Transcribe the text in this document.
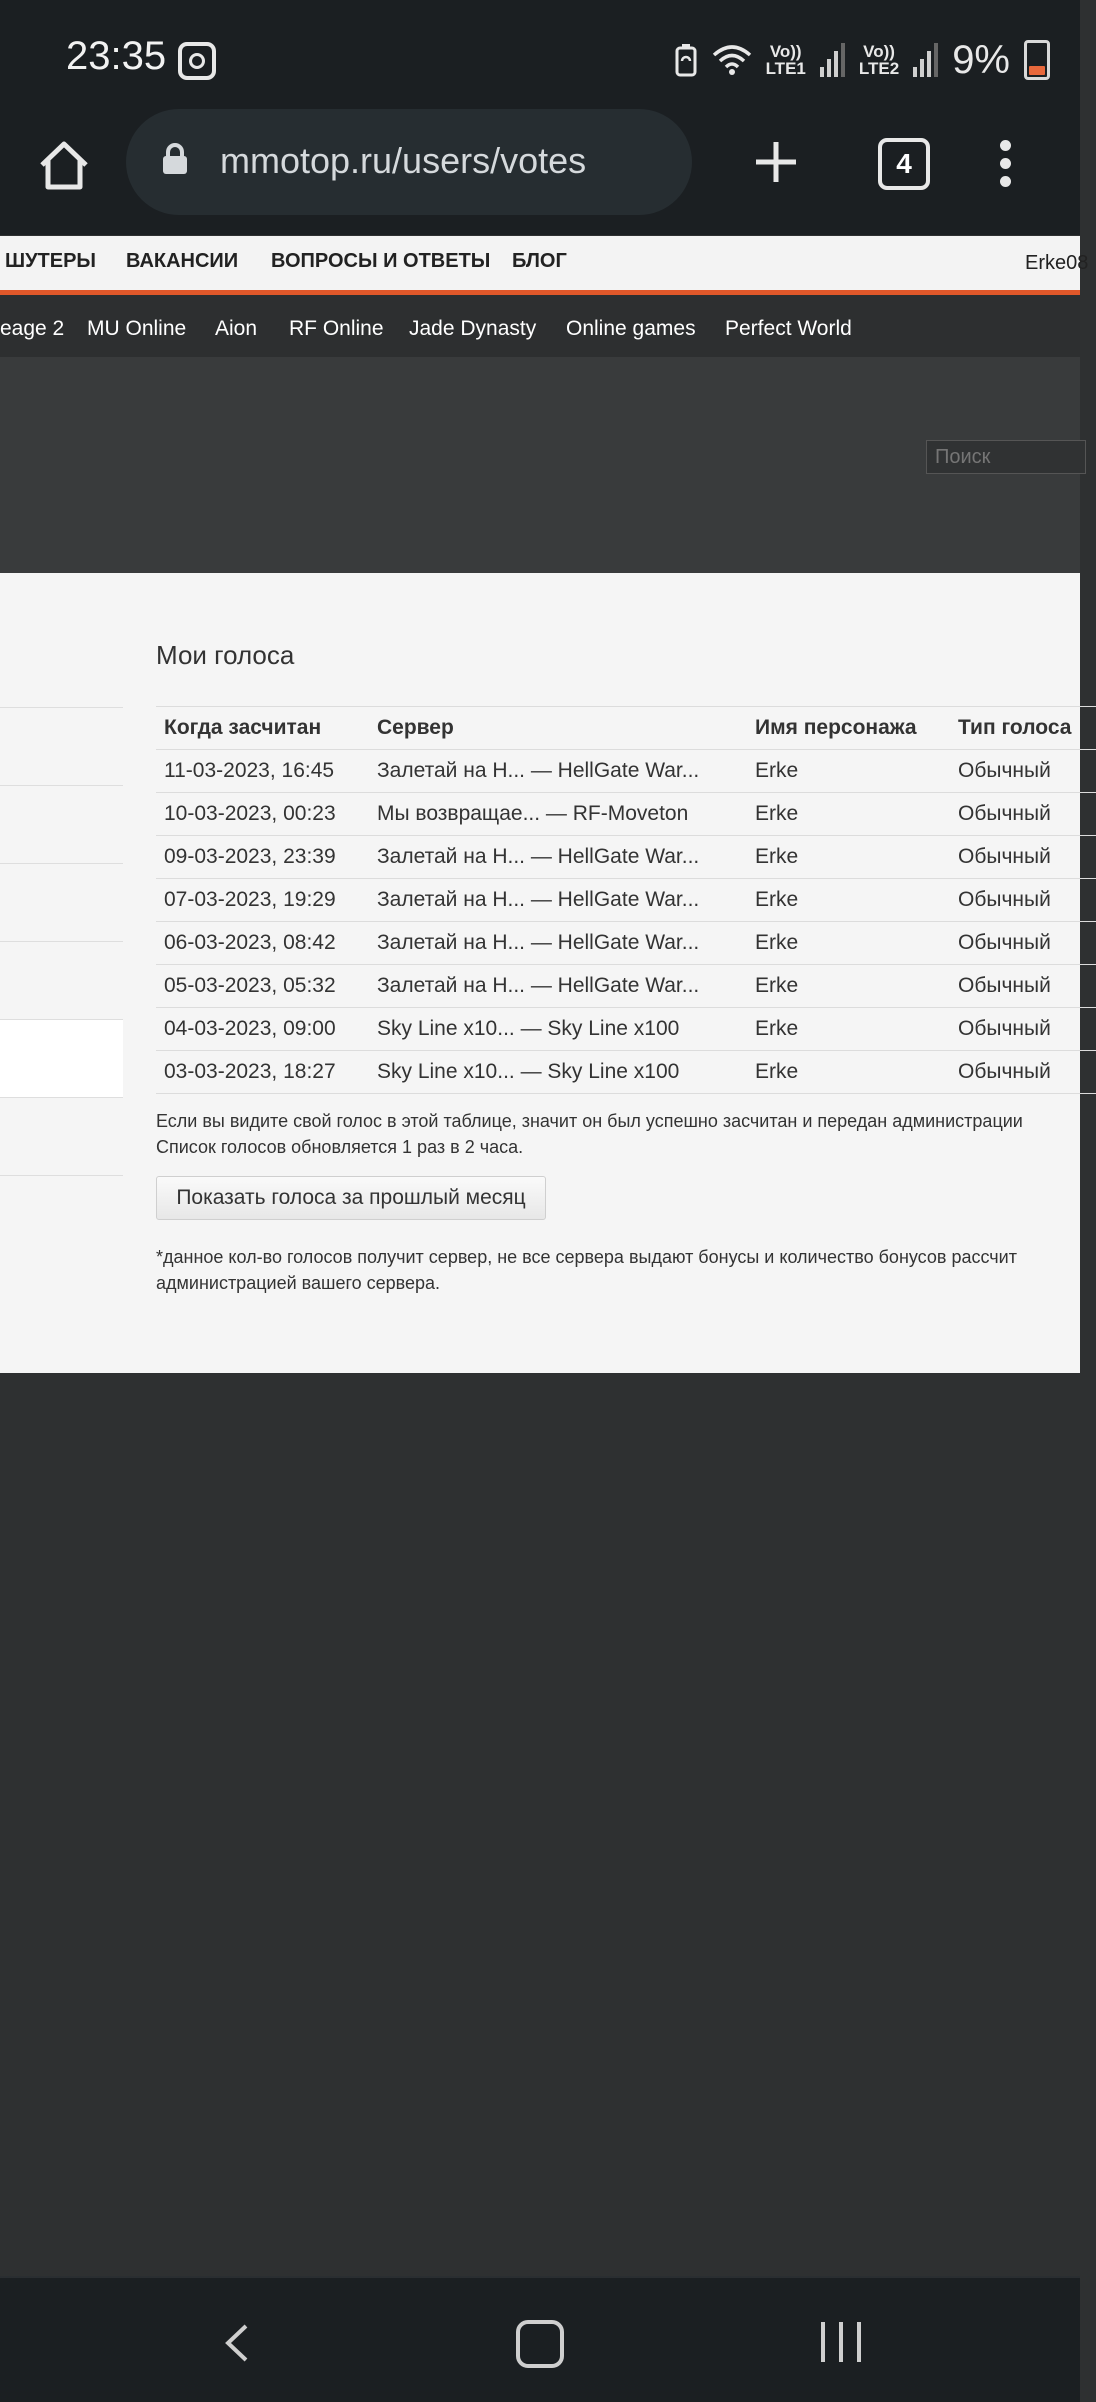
23:35	Vo))
LTE1
Vo))
LTE2 9%
mmotop.ru/users/votes	4
ШУТЕРЫ ВАКАНСИИ ВОПРОСЫ И ОТВЕТЫ БЛОГ	Erke08
eage 2 MU Online Aion RF Online Jade Dynasty Online games Perfect World
Поиск
Мои голоса
Когда засчитан	Сервер	Имя персонажа	Тип голоса
11-03-2023, 16:45	Залетай на Н... — HellGate War...	Erke	Обычный
10-03-2023, 00:23	Мы возвращае... — RF-Moveton	Erke	Обычный
09-03-2023, 23:39	Залетай на Н... — HellGate War...	Erke	Обычный
07-03-2023, 19:29	Залетай на Н... — HellGate War...	Erke	Обычный
06-03-2023, 08:42	Залетай на Н... — HellGate War...	Erke	Обычный
05-03-2023, 05:32	Залетай на Н... — HellGate War...	Erke	Обычный
04-03-2023, 09:00	Sky Line x10... — Sky Line x100	Erke	Обычный
03-03-2023, 18:27	Sky Line x10... — Sky Line x100	Erke	Обычный
Если вы видите свой голос в этой таблице, значит он был успешно засчитан и передан администрации
Список голосов обновляется 1 раз в 2 часа.
Показать голоса за прошлый месяц
*данное кол-во голосов получит сервер, не все сервера выдают бонусы и количество бонусов рассчит
администрацией вашего сервера.
